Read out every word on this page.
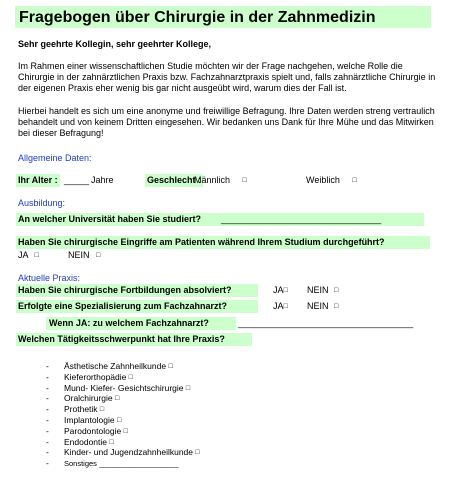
Fragebogen über Chirurgie in der Zahnmedizin
Sehr geehrte Kollegin, sehr geehrter Kollege,
Im Rahmen einer wissenschaftlichen Studie möchten wir der Frage nachgehen, welche Rolle die Chirurgie in der zahnärztlichen Praxis bzw. Fachzahnarztpraxis spielt und, falls zahnärztliche Chirurgie in der eigenen Praxis eher wenig bis gar nicht ausgeübt wird, warum dies der Fall ist.
Hierbei handelt es sich um eine anonyme und freiwillige Befragung. Ihre Daten werden streng vertraulich behandelt und von keinem Dritten eingesehen. Wir bedanken uns Dank für Ihre Mühe und das Mitwirken bei dieser Befragung!
Allgemeine Daten:
Ihr Alter : _____ Jahre	Geschlecht :
Männlich □	Weiblich □
Ausbildung:
An welcher Universität haben Sie studiert? ________________________________
Haben Sie chirurgische Eingriffe am Patienten während Ihrem Studium durchgeführt?
JA □	NEIN □
Aktuelle Praxis:
Haben Sie chirurgische Fortbildungen absolviert?	JA□ NEIN □
Erfolgte eine Spezialisierung zum Fachzahnarzt?	JA□ NEIN □
Wenn JA: zu welchem Fachzahnarzt?	___________________________________
Welchen Tätigkeitsschwerpunkt hat Ihre Praxis?
- Ästhetische Zahnheilkunde □
- Kieferorthopädie □
- Mund- Kiefer- Gesichtschirurgie □
- Oralchirurgie □
- Prothetik □
- Implantologie □
- Parodontologie □
- Endodontie □
- Kinder- und Jugendzahnheilkunde □
- Sonstiges ___________________
